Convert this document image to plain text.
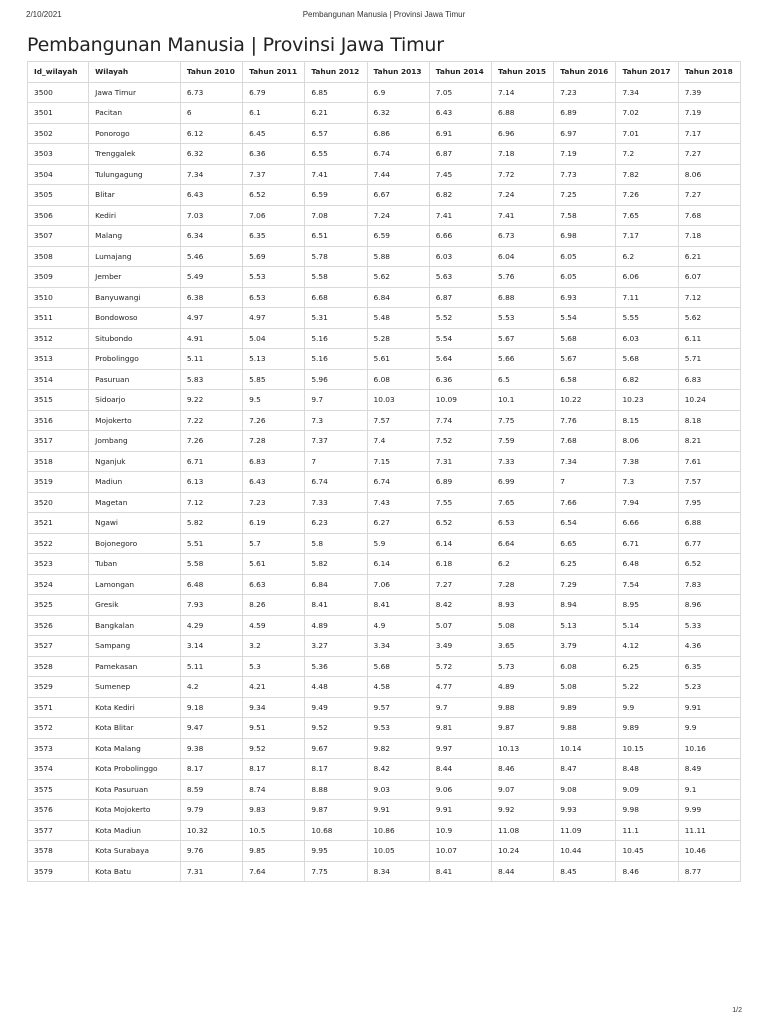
2/10/2021	Pembangunan Manusia | Provinsi Jawa Timur
Pembangunan Manusia | Provinsi Jawa Timur
Id_wilayah	Wilayah	Tahun 2010	Tahun 2011	Tahun 2012	Tahun 2013	Tahun 2014	Tahun 2015	Tahun 2016	Tahun 2017	Tahun 2018
3500	Jawa Timur	6.73	6.79	6.85	6.9	7.05	7.14	7.23	7.34	7.39
3501	Pacitan	6	6.1	6.21	6.32	6.43	6.88	6.89	7.02	7.19
3502	Ponorogo	6.12	6.45	6.57	6.86	6.91	6.96	6.97	7.01	7.17
3503	Trenggalek	6.32	6.36	6.55	6.74	6.87	7.18	7.19	7.2	7.27
3504	Tulungagung	7.34	7.37	7.41	7.44	7.45	7.72	7.73	7.82	8.06
3505	Blitar	6.43	6.52	6.59	6.67	6.82	7.24	7.25	7.26	7.27
3506	Kediri	7.03	7.06	7.08	7.24	7.41	7.41	7.58	7.65	7.68
3507	Malang	6.34	6.35	6.51	6.59	6.66	6.73	6.98	7.17	7.18
3508	Lumajang	5.46	5.69	5.78	5.88	6.03	6.04	6.05	6.2	6.21
3509	Jember	5.49	5.53	5.58	5.62	5.63	5.76	6.05	6.06	6.07
3510	Banyuwangi	6.38	6.53	6.68	6.84	6.87	6.88	6.93	7.11	7.12
3511	Bondowoso	4.97	4.97	5.31	5.48	5.52	5.53	5.54	5.55	5.62
3512	Situbondo	4.91	5.04	5.16	5.28	5.54	5.67	5.68	6.03	6.11
3513	Probolinggo	5.11	5.13	5.16	5.61	5.64	5.66	5.67	5.68	5.71
3514	Pasuruan	5.83	5.85	5.96	6.08	6.36	6.5	6.58	6.82	6.83
3515	Sidoarjo	9.22	9.5	9.7	10.03	10.09	10.1	10.22	10.23	10.24
3516	Mojokerto	7.22	7.26	7.3	7.57	7.74	7.75	7.76	8.15	8.18
3517	Jombang	7.26	7.28	7.37	7.4	7.52	7.59	7.68	8.06	8.21
3518	Nganjuk	6.71	6.83	7	7.15	7.31	7.33	7.34	7.38	7.61
3519	Madiun	6.13	6.43	6.74	6.74	6.89	6.99	7	7.3	7.57
3520	Magetan	7.12	7.23	7.33	7.43	7.55	7.65	7.66	7.94	7.95
3521	Ngawi	5.82	6.19	6.23	6.27	6.52	6.53	6.54	6.66	6.88
3522	Bojonegoro	5.51	5.7	5.8	5.9	6.14	6.64	6.65	6.71	6.77
3523	Tuban	5.58	5.61	5.82	6.14	6.18	6.2	6.25	6.48	6.52
3524	Lamongan	6.48	6.63	6.84	7.06	7.27	7.28	7.29	7.54	7.83
3525	Gresik	7.93	8.26	8.41	8.41	8.42	8.93	8.94	8.95	8.96
3526	Bangkalan	4.29	4.59	4.89	4.9	5.07	5.08	5.13	5.14	5.33
3527	Sampang	3.14	3.2	3.27	3.34	3.49	3.65	3.79	4.12	4.36
3528	Pamekasan	5.11	5.3	5.36	5.68	5.72	5.73	6.08	6.25	6.35
3529	Sumenep	4.2	4.21	4.48	4.58	4.77	4.89	5.08	5.22	5.23
3571	Kota Kediri	9.18	9.34	9.49	9.57	9.7	9.88	9.89	9.9	9.91
3572	Kota Blitar	9.47	9.51	9.52	9.53	9.81	9.87	9.88	9.89	9.9
3573	Kota Malang	9.38	9.52	9.67	9.82	9.97	10.13	10.14	10.15	10.16
3574	Kota Probolinggo	8.17	8.17	8.17	8.42	8.44	8.46	8.47	8.48	8.49
3575	Kota Pasuruan	8.59	8.74	8.88	9.03	9.06	9.07	9.08	9.09	9.1
3576	Kota Mojokerto	9.79	9.83	9.87	9.91	9.91	9.92	9.93	9.98	9.99
3577	Kota Madiun	10.32	10.5	10.68	10.86	10.9	11.08	11.09	11.1	11.11
3578	Kota Surabaya	9.76	9.85	9.95	10.05	10.07	10.24	10.44	10.45	10.46
3579	Kota Batu	7.31	7.64	7.75	8.34	8.41	8.44	8.45	8.46	8.77
1/2
